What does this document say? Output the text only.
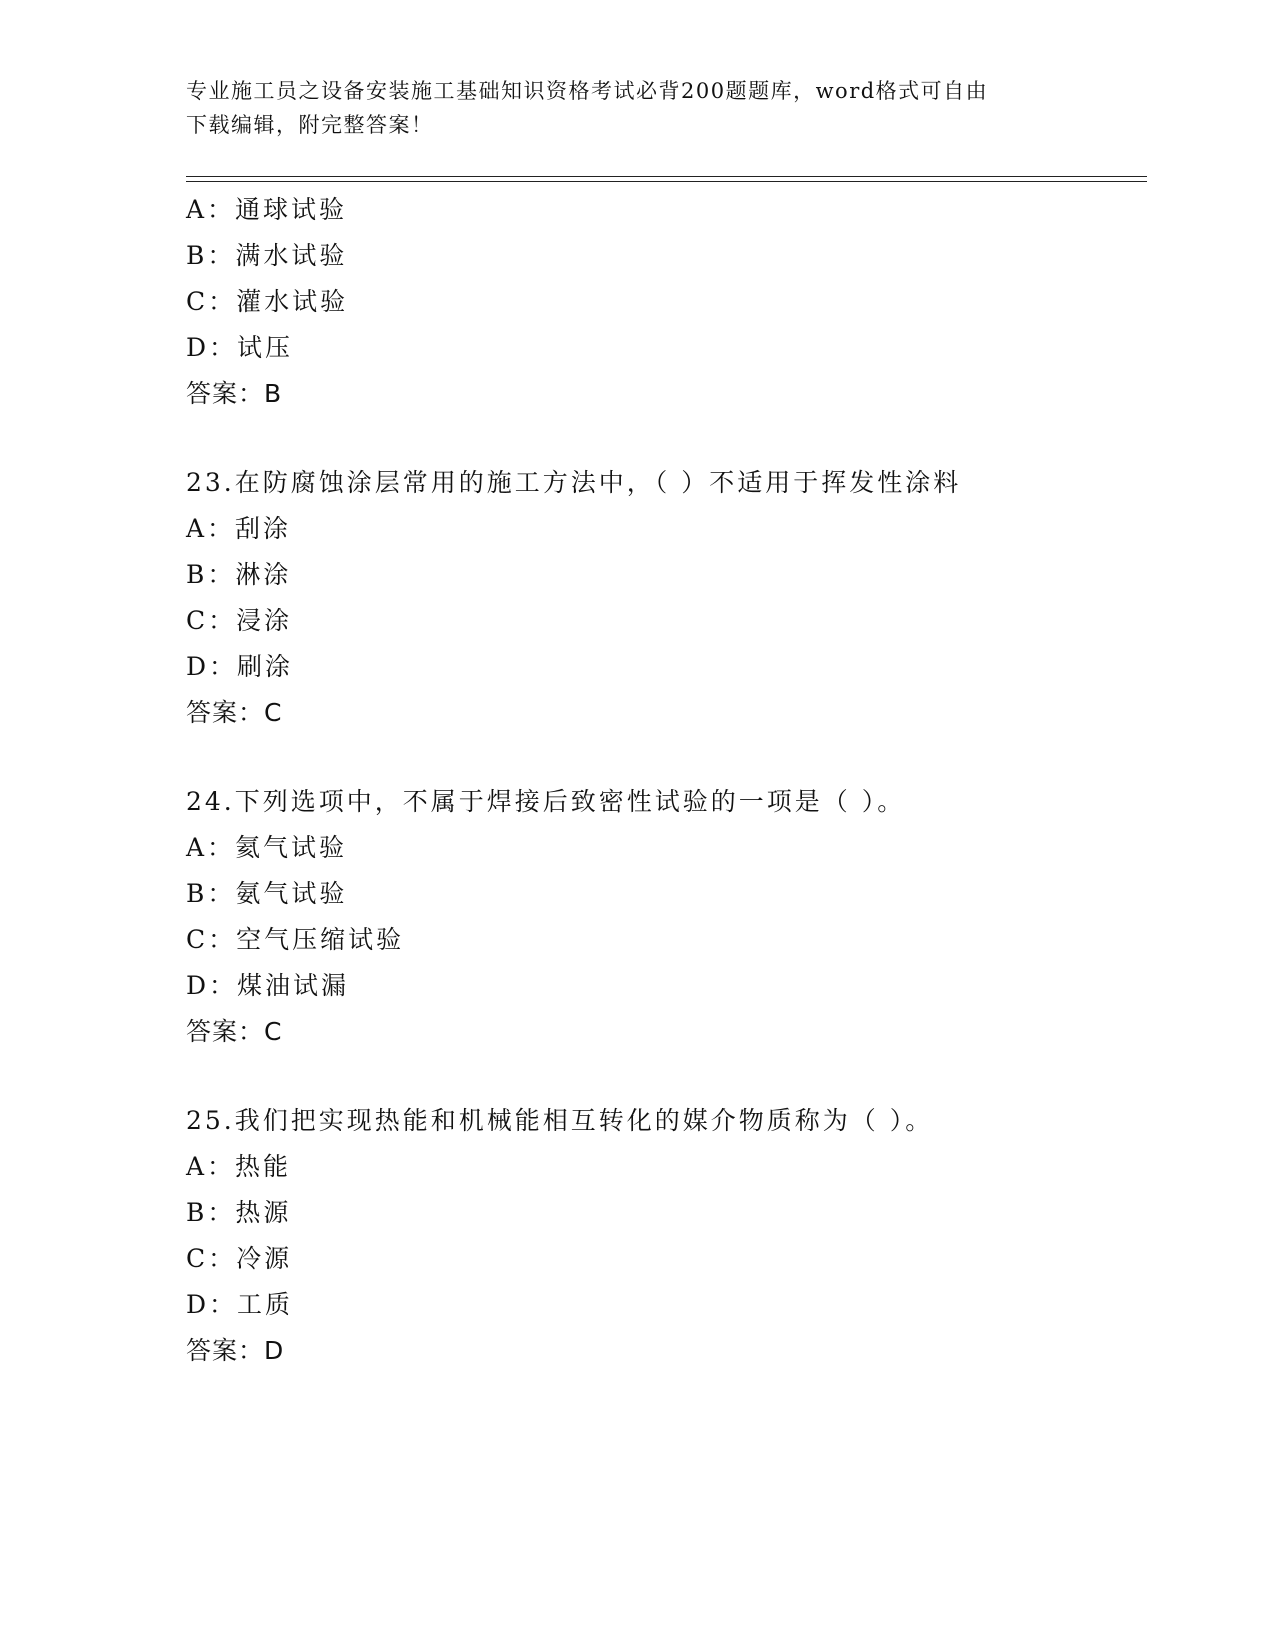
专业施工员之设备安装施工基础知识资格考试必背200题题库，word格式可自由
下载编辑，附完整答案！
A：通球试验
B：满水试验
C：灌水试验
D：试压
答案：B
23.在防腐蚀涂层常用的施工方法中，（ ）不适用于挥发性涂料
A：刮涂
B：淋涂
C：浸涂
D：刷涂
答案：C
24.下列选项中，不属于焊接后致密性试验的一项是（ ）。
A：氦气试验
B：氨气试验
C：空气压缩试验
D：煤油试漏
答案：C
25.我们把实现热能和机械能相互转化的媒介物质称为（ ）。
A：热能
B：热源
C：冷源
D：工质
答案：D
